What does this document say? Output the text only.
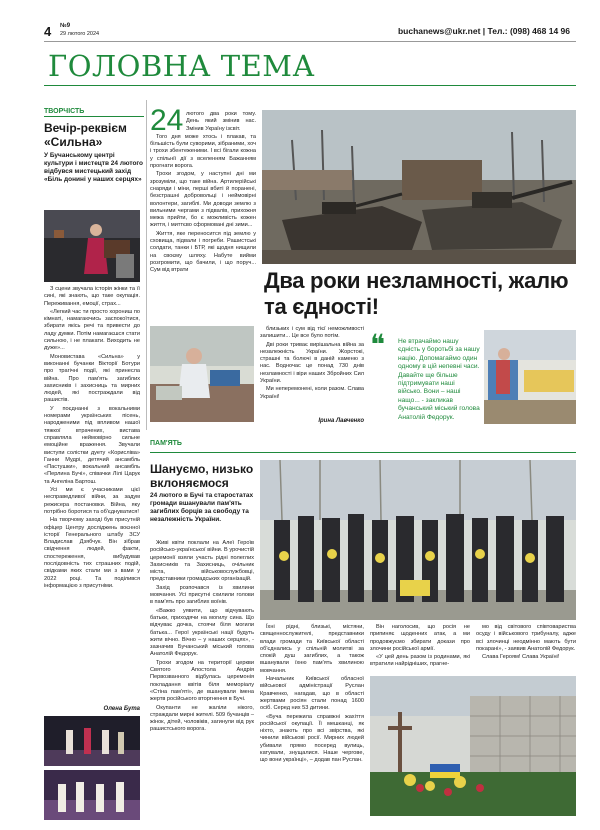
4 №9
29 лютого 2024	buchanews@ukr.net | Тел.: (098) 468 14 96
ГОЛОВНА ТЕМА
ТВОРЧІСТЬ
Вечір-реквієм «Сильна»
У Бучанському центрі культури і мистецтв 24 лютого відбувся мистецький захід «Біль донині у наших серцях»

З сцени звучала історія жінки та її сині, які знають, що таке окупація. Переживання, емоції, страх...

«Легкий час ти просто хорониш по кімнаті, намагаючись заспокоїтися, збирати якісь речі та привести до ладу думки. Потім намагаєшся стати сильною, і не плакати. Виходить не дуже»...

Моновистава «Сильна» у виконанні бучанки Вікторії Ботури про трагічні події, які принесла війна. Про пам'ять загиблих захисників і захисниць та мирних людей, які постраждали від рашистів.

У поєднанні з вокальними номерами українських пісень, народженими під впливом нашої тяжкої втрачених, вистава справляла неймовірно сильне емоційне враження. Звучали виступи солістки дуету «Корисліва» Ганни Мудрі, детячий ансамбль «Пастушки», вокальний ансамбль «Перлина Бучі», співачки Лілі Царук та Ангеліна Бартош.

Усі ми є учасниками цієї несправедливої війни, за задум режисера постановки. Війна, яку потрібно боротися та об'єднуватися!

На творчому заході був присутній офіцер Центру досліджень воєнної історії Генерального штабу ЗСУ Владислав Дзябчук. Він зібрав свідчення людей, факти, спостереження, вибудував послідовність тих страшних подій, свідками яких стали ми з вами у 2022 році. Та поділився інформацією з присутніми.

Олена Бута
24 лютого два роки тому. День який змінив нас. Змінив Україну ізсвіт.

Того дня може хтось і плакав, та більшість були суворими, зібраними, хоч і трохи збентеженими. І всі бігали кожна у спільнії дії з вселенням Бажанням прогнати ворога.

Трохи згодом, у наступні дні ми зрозуміли, що таке війна. Артилерійські снаряди і міни, перші вбиті й поранені, безстрашні добровольці і неймовірні волонтери, загиблі. Ми доводи землю з вильними чергами з підвалів, прихожня межа прийти, бо є можливість кожен життя, і миттєво сформовані дні зими...

Життя, яке переносится під землю у сховища, підвали і погреби. Рашистські солдати, танки і БТР, які щодня нищили на своєму шляху. Набуте вийми розгромити, що бачили, і що поруч... Сум від втрати	Два роки незламності, жалю та єдності!

близьких і сум від тієї неможливості залишити... Це все було потім.

Дві роки триває вирішальна війна за незалежність України. Жорстокі, страшні та болючі в даній каменю з нас. Водночас це понад 730 днів незламності і віри наших Збройних Сил України.

Ми неперемонені, коли разом. Слава Україні!

Ірина Лавченко
❝ Не втрачаймо нашу єдність у боротьбі за нашу націю. Допомагаймо один одному в цій непевні часи. Давайте ще більше підтримувати наші військо. Вони – наші нащо... - закликав бучанський міський голова Анатолій Федорук.
ПАМ'ЯТЬ
Шануємо, низько вклоняємося
24 лютого в Бучі та старостатах громади вшанували пам'ять загиблих борців за свободу та незалежність України.

Живі квіти поклали на Алеї Героїв російсько-української війни. В урочистій церемонії взяли участь рідні полеглих Захисників та Захисниць, очільник міста, військовослужбовці, представники громадських організацій.

Захід розпочався із хвилини мовчання. Усі присутні схилили голови в пам'ять про загиблих воїнів.

«Важко уявити, що відчувають батьки, приходячи на могилу сина. Що відчуває дочка, стоячи біля могили батька... Герої українські нації будуть жити вічно. Вічно – у наших серцях», - зазначив Бучанський міський голова Анатолій Федорук.

Трохи згодом на території церкви Святого Апостола Андрія Первозванного відбулась церемонія покладання квітів біля меморіалу «Стіна пам'яті», де вшанували імена жертв російського вторгнення в Бучі.

Окупанти не жаліли нікого, страждали мирні жителі. 509 бучанців – жінок, дітей, чоловіків, загинули від рук рашистського ворога.

Їхні рідні, близькі, містяни, священнослужителі, представники влади громади та Київської області об'єднались у спільній молитві за спокій душ загиблих, а також вшанували їхню пам'ять хвилиною мовчання.

Начальник Київської обласної військової адміністрації Руслан Кравченко, нагадав, що в області жертвами росіян стали понад 1600 осіб. Серед них 53 дитини.

«Буча пережила справжні жахіття російської окупації. Її мешканці, як ніхто, знають про всі звірства, які чинили військові росії. Мирних людей убивали прямо посеред вулиць, катували, знущалися. Наше чергове, що вони українці», – додав пан Руслан.

Він наголосив, що росія не припиняє щоденних атак, а ми продовжуємо збирати докази про злочини російської армії.

«У цей день разом із родинами, які втратили найрідніших, прагне-

мо від світового співтовариства осуду і військового трибуналу, адже всі злочинці неодмінно мають бути покарані», - заявив Анатолій Федорук.

Слава Героям! Слава Україні!
